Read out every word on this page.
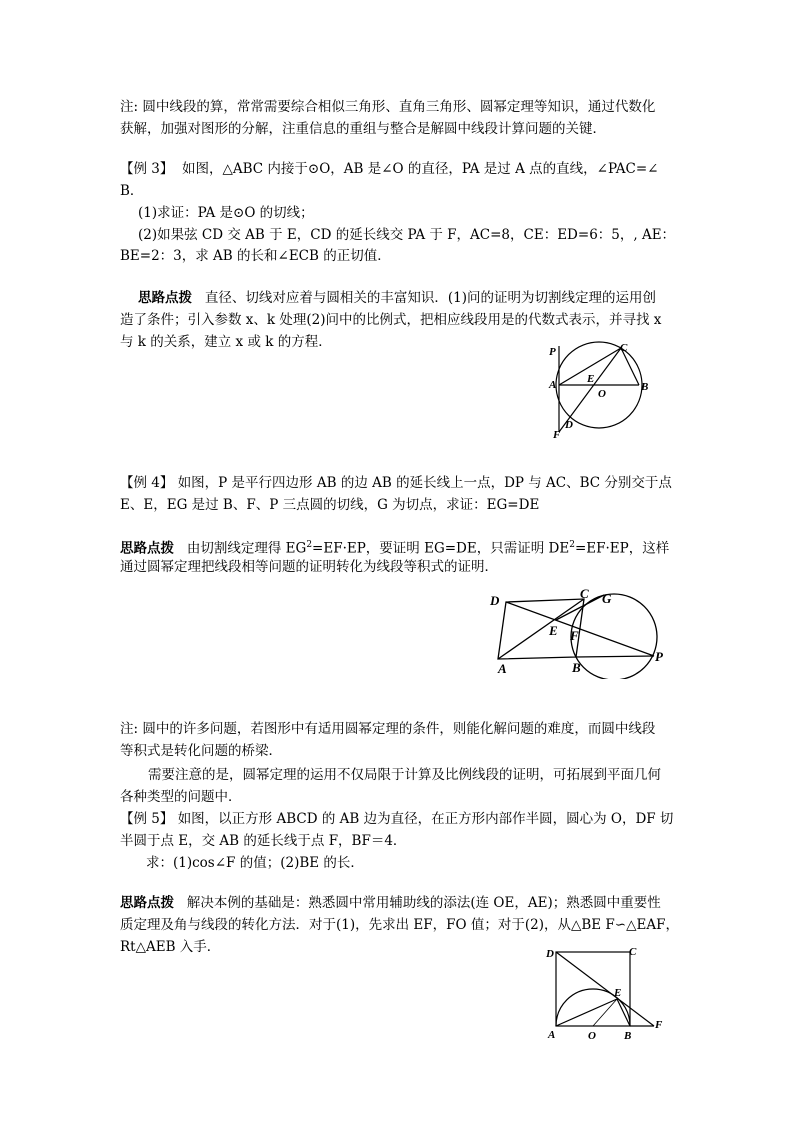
注: 圆中线段的算，常常需要综合相似三角形、直角三角形、圆幂定理等知识，通过代数化
获解，加强对图形的分解，注重信息的重组与整合是解圆中线段计算问题的关键．
【例 3】 如图，△ABC 内接于⊙O，AB 是∠O 的直径，PA 是过 A 点的直线，∠PAC=∠
B．
(1)求证：PA 是⊙O 的切线；
(2)如果弦 CD 交 AB 于 E，CD 的延长线交 PA 于 F，AC=8，CE：ED=6：5，, AE：
BE=2：3，求 AB 的长和∠ECB 的正切值．
思路点拨 直径、切线对应着与圆相关的丰富知识．(1)问的证明为切割线定理的运用创
造了条件；引入参数 x、k 处理(2)问中的比例式，把相应线段用是的代数式表示，并寻找 x
与 k 的关系，建立 x 或 k 的方程．
P	C
A	E
O
B
F
D
【例 4】 如图，P 是平行四边形 AB 的边 AB 的延长线上一点，DP 与 AC、BC 分别交于点
E、E，EG 是过 B、F、P 三点圆的切线，G 为切点，求证：EG=DE
思路点拨 由切割线定理得 $EG^2=EF\cdot EP$，要证明 EG=DE，只需证明 $DE^2=EF\cdot EP$，这样
通过圆幂定理把线段相等问题的证明转化为线段等积式的证明．
D	C G
E F
A	B
P
注: 圆中的许多问题，若图形中有适用圆幂定理的条件，则能化解问题的难度，而圆中线段
等积式是转化问题的桥梁．
需要注意的是，圆幂定理的运用不仅局限于计算及比例线段的证明，可拓展到平面几何
各种类型的问题中．
【例 5】 如图，以正方形 ABCD 的 AB 边为直径，在正方形内部作半圆，圆心为 O，DF 切
半圆于点 E，交 AB 的延长线于点 F，BF＝4．
求：(1)cos∠F 的值；(2)BE 的长．
思路点拨 解决本例的基础是：熟悉圆中常用辅助线的添法(连 OE，AE)；熟悉圆中重要性
质定理及角与线段的转化方法．对于(1)，先求出 EF，FO 值；对于(2)，从△BE F∽△EAF，
Rt△AEB 入手．	D	C
E
A	O	B
F
